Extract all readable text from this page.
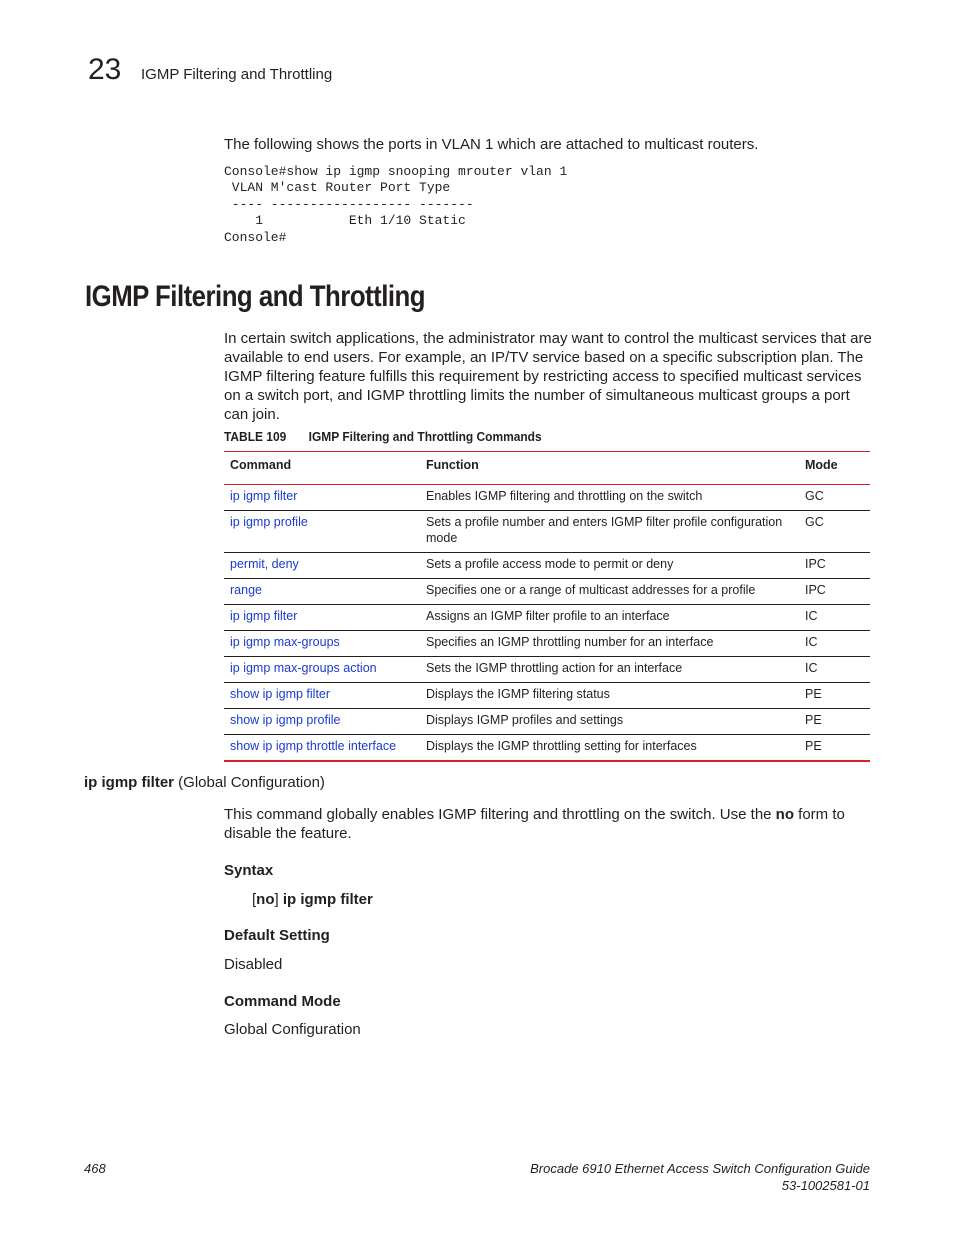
23 IGMP Filtering and Throttling
The following shows the ports in VLAN 1 which are attached to multicast routers.
Console#show ip igmp snooping mrouter vlan 1
VLAN M'cast Router Port Type
---- ------------------ -------
1           Eth 1/10 Static
Console#
IGMP Filtering and Throttling
In certain switch applications, the administrator may want to control the multicast services that are
available to end users. For example, an IP/TV service based on a specific subscription plan. The
IGMP filtering feature fulfills this requirement by restricting access to specified multicast services
on a switch port, and IGMP throttling limits the number of simultaneous multicast groups a port
can join.
TABLE 109 IGMP Filtering and Throttling Commands
Command	Function	Mode
ip igmp filter	Enables IGMP filtering and throttling on the switch	GC
ip igmp profile	Sets a profile number and enters IGMP filter profile configuration mode	GC
permit, deny	Sets a profile access mode to permit or deny	IPC
range	Specifies one or a range of multicast addresses for a profile	IPC
ip igmp filter	Assigns an IGMP filter profile to an interface	IC
ip igmp max-groups	Specifies an IGMP throttling number for an interface	IC
ip igmp max-groups action	Sets the IGMP throttling action for an interface	IC
show ip igmp filter	Displays the IGMP filtering status	PE
show ip igmp profile	Displays IGMP profiles and settings	PE
show ip igmp throttle interface	Displays the IGMP throttling setting for interfaces	PE
ip igmp filter (Global Configuration)
This command globally enables IGMP filtering and throttling on the switch. Use the no form to
disable the feature.
Syntax
[no] ip igmp filter
Default Setting
Disabled
Command Mode
Global Configuration
468	Brocade 6910 Ethernet Access Switch Configuration Guide
53-1002581-01
